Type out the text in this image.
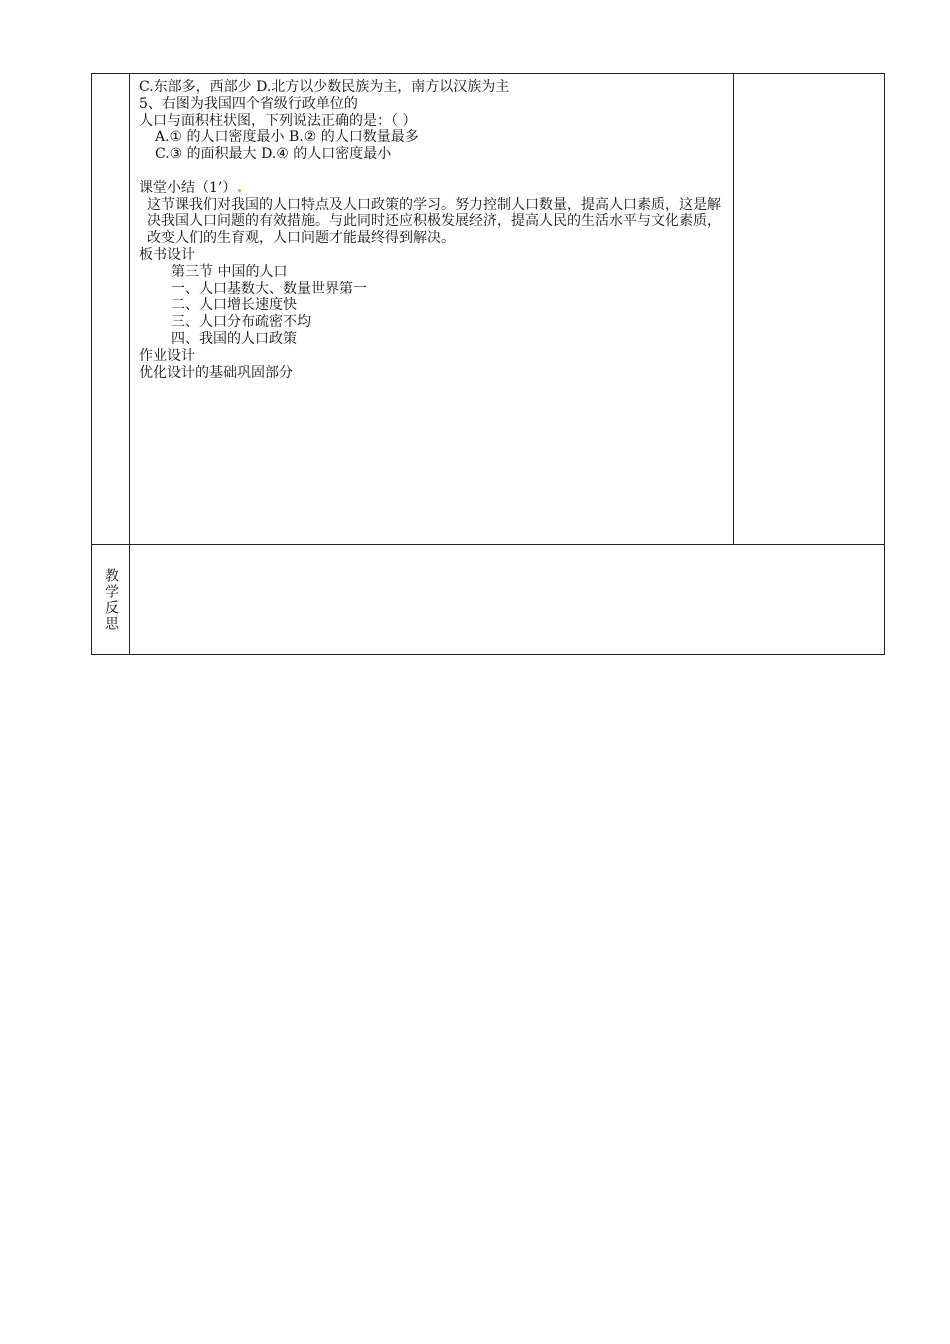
C.东部多，西部少 D.北方以少数民族为主，南方以汉族为主
5、右图为我国四个省级行政单位的
人口与面积柱状图，下列说法正确的是：（ ）
A.① 的人口密度最小 B.② 的人口数量最多
C.③ 的面积最大 D.④ 的人口密度最小
课堂小结（1’）
这节课我们对我国的人口特点及人口政策的学习。努力控制人口数量，提高人口素质，这是解决我国人口问题的有效措施。与此同时还应积极发展经济，提高人民的生活水平与文化素质，改变人们的生育观，人口问题才能最终得到解决。
板书设计
第三节 中国的人口
一、人口基数大、数量世界第一
二、人口增长速度快
三、人口分布疏密不均
四、我国的人口政策
作业设计
优化设计的基础巩固部分
教学反思
